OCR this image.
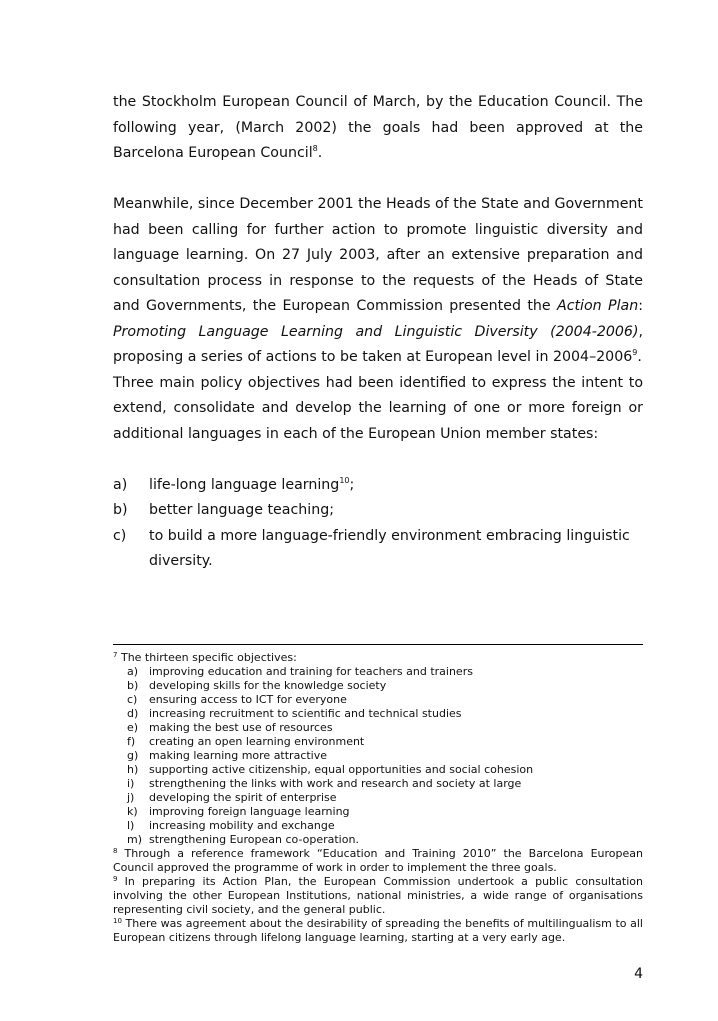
the Stockholm European Council of March, by the Education Council. The following year, (March 2002) the goals had been approved at the Barcelona European Council$^8$.

Meanwhile, since December 2001 the Heads of the State and Government had been calling for further action to promote linguistic diversity and language learning. On 27 July 2003, after an extensive preparation and consultation process in response to the requests of the Heads of State and Governments, the European Commission presented the Action Plan: Promoting Language Learning and Linguistic Diversity (2004-2006), proposing a series of actions to be taken at European level in 2004–2006$^9$.

Three main policy objectives had been identified to express the intent to extend, consolidate and develop the learning of one or more foreign or additional languages in each of the European Union member states:

a)	life-long language learning$^{10}$;
b)	better language teaching;
c)	to build a more language-friendly environment embracing linguistic diversity.

$^7$ The thirteen specific objectives:

a) improving education and training for teachers and trainers
b) developing skills for the knowledge society
c)	ensuring access to ICT for everyone
d) increasing recruitment to scientific and technical studies
e) making the best use of resources
f)	creating an open learning environment
g) making learning more attractive
h) supporting active citizenship, equal opportunities and social cohesion
i)	strengthening the links with work and research and society at large
j)	developing the spirit of enterprise
k)	improving foreign language learning
l)	increasing mobility and exchange
m) strengthening European co-operation.

$^8$ Through a reference framework “Education and Training 2010” the Barcelona European Council approved the programme of work in order to implement the three goals.

$^9$ In preparing its Action Plan, the European Commission undertook a public consultation involving the other European Institutions, national ministries, a wide range of organisations representing civil society, and the general public.

$^{10}$ There was agreement about the desirability of spreading the benefits of multilingualism to all European citizens through lifelong language learning, starting at a very early age.

4
